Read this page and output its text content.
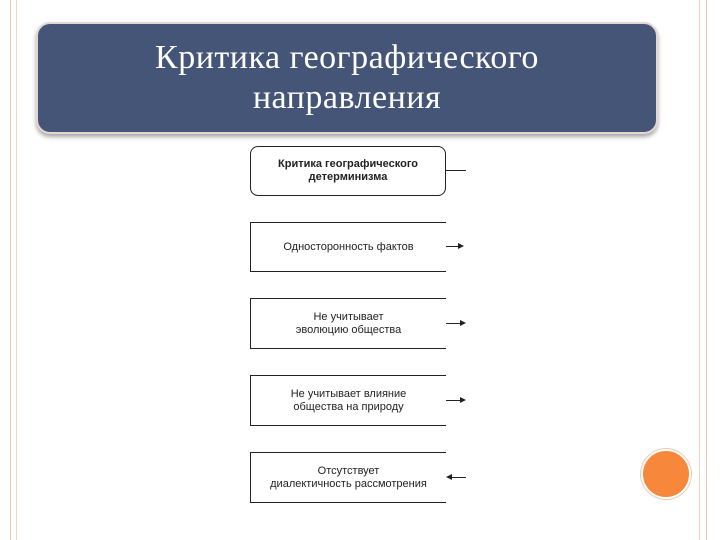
Критика географического
направления
Критика географического
детерминизма
Односторонность фактов
Не учитывает
эволюцию общества
Не учитывает влияние
общества на природу
Отсутствует
диалектичность рассмотрения
